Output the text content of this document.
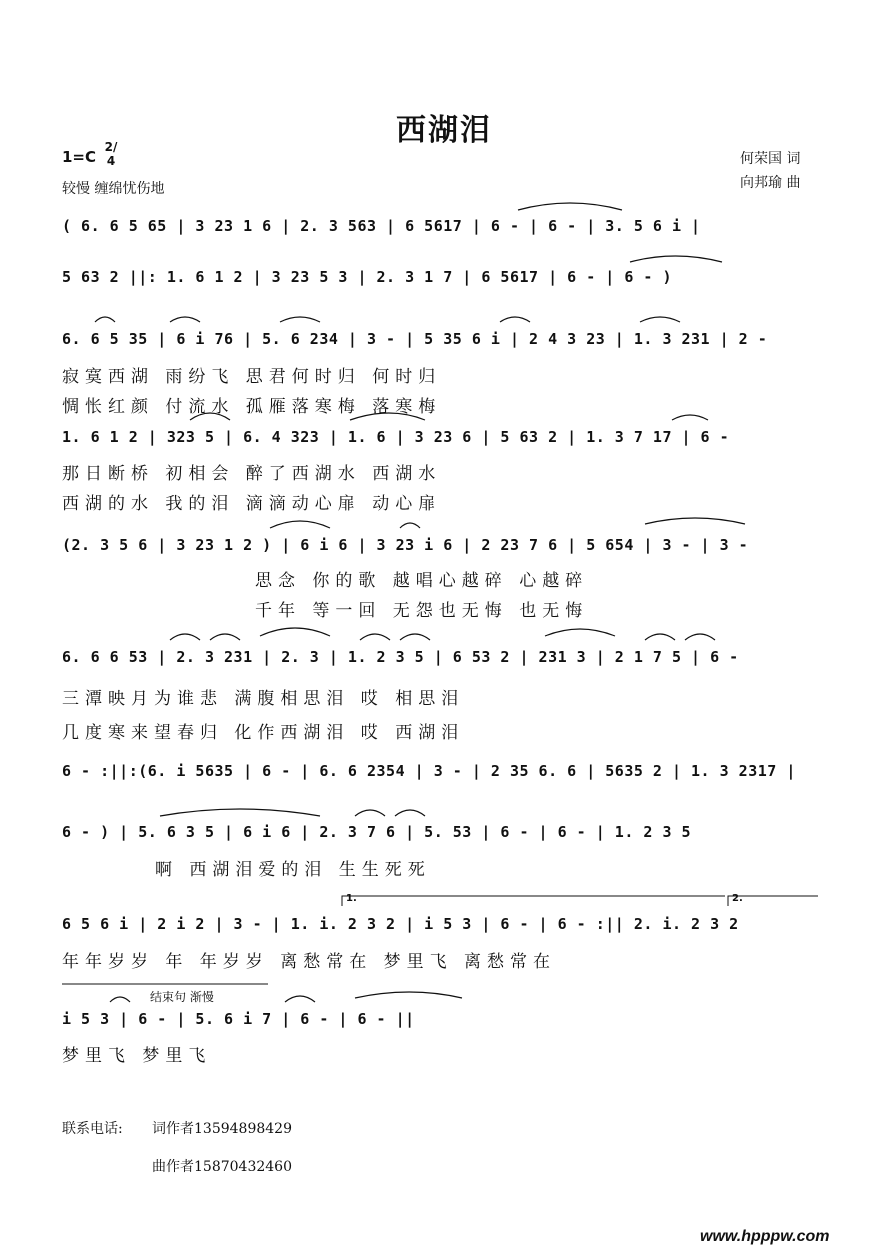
西湖泪
1=C
2/4
较慢 缠绵忧伤地
何荣国 词
向邦瑜 曲
( 6. 6 5 65 | 3 23 1 6 | 2. 3 563 | 6 5617 | 6 - | 6 - | 3. 5 6 i |
5 63 2 ||: 1. 6 1 2 | 3 23 5 3 | 2. 3 1 7 | 6 5617 | 6 - | 6 - )
6. 6 5 35 | 6 i 76 | 5. 6 234 | 3 - | 5 35 6 i | 2 4 3 23 | 1. 3 231 | 2 -
寂寞西湖 雨纷飞 思君何时归 何时归
惆怅红颜 付流水 孤雁落寒梅 落寒梅
1. 6 1 2 | 323 5 | 6. 4 323 | 1. 6 | 3 23 6 | 5 63 2 | 1. 3 7 17 | 6 -
那日断桥 初相会 醉了西湖水 西湖水
西湖的水 我的泪 滴滴动心扉 动心扉
(2. 3 5 6 | 3 23 1 2 ) | 6 i 6 | 3 23 i 6 | 2 23 7 6 | 5 654 | 3 - | 3 -
思念 你的歌 越唱心越碎 心越碎
千年 等一回 无怨也无悔 也无悔
6. 6 6 53 | 2. 3 231 | 2. 3 | 1. 2 3 5 | 6 53 2 | 231 3 | 2 1 7 5 | 6 -
三潭映月为谁悲 满腹相思泪 哎 相思泪
几度寒来望春归 化作西湖泪 哎 西湖泪
6 - :||:(6. i 5635 | 6 - | 6. 6 2354 | 3 - | 2 35 6. 6 | 5635 2 | 1. 3 2317 |
6 - ) | 5. 6 3 5 | 6 i 6 | 2. 3 7 6 | 5. 53 | 6 - | 6 - | 1. 2 3 5
啊 西湖泪爱的泪 生生死死
6 5 6 i | 2 i 2 | 3 - | 1. i. 2 3 2 | i 5 3 | 6 - | 6 - :|| 2. i. 2 3 2
年年岁岁 年 年岁岁 离愁常在 梦里飞 离愁常在
1.	2.
结束句 渐慢
i 5 3 | 6 - | 5. 6 i 7 | 6 - | 6 - ||
梦里飞 梦里飞
联系电话: 词作者13594898429
曲作者15870432460
www.hpppw.com
